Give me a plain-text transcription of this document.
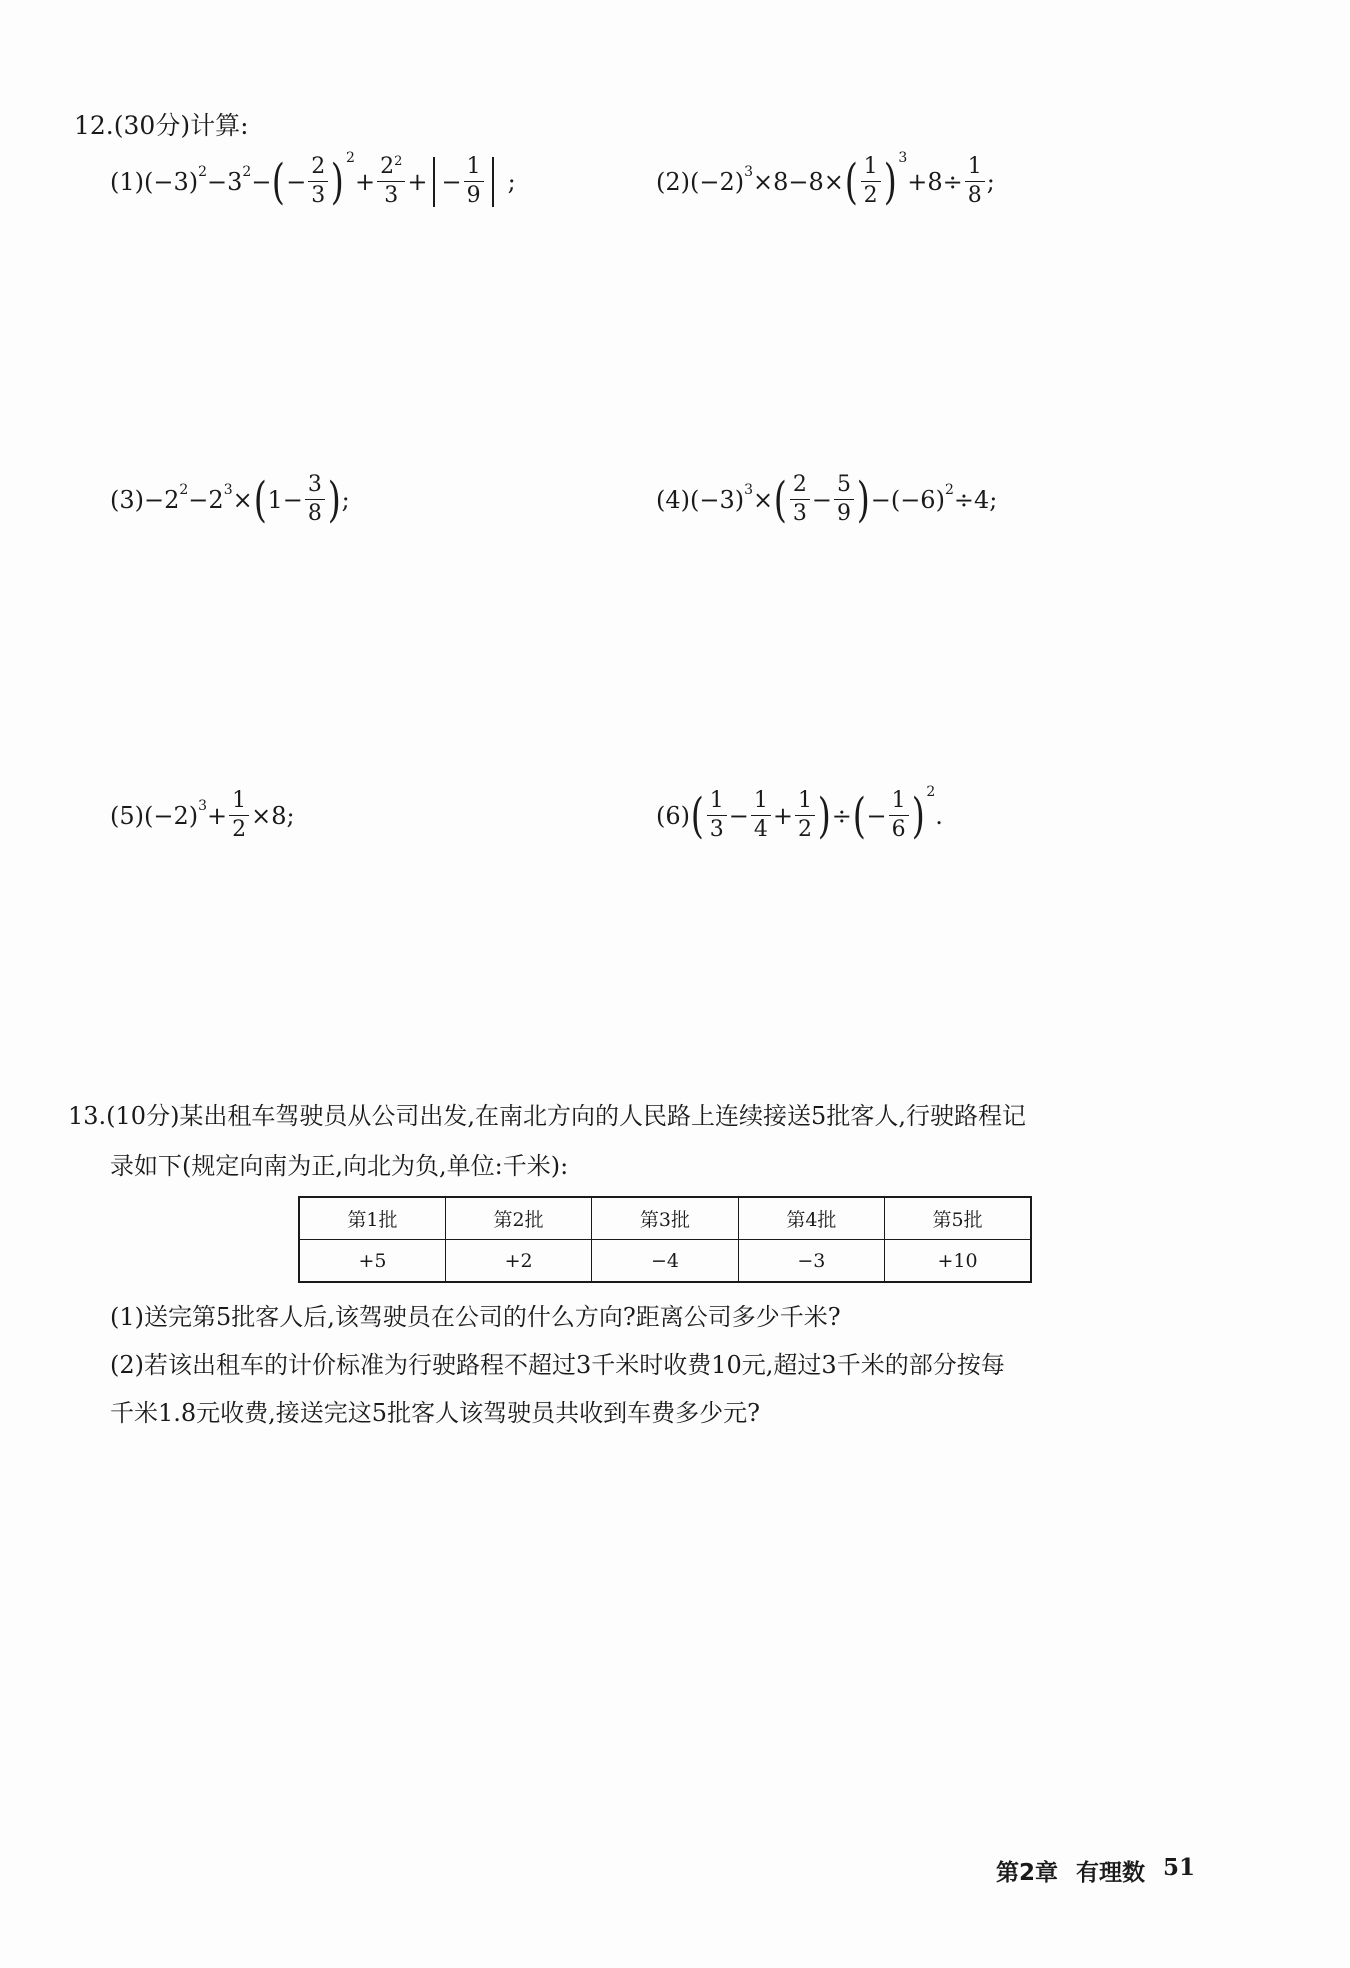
12.(30分)计算:
(1)(−3) 2 −3 2 − ( − $\frac{2}{3}$ ) 2
+ $\frac{2^2}{3}$ + − $\frac{1}{9}$ ;	(2)(−2) 3 ×8−8× ( $\frac{1}{2}$ ) 3
$+8\div \frac{1}{8}$ ;
(3)−2 2 −2 3 × ( $1- \frac{3}{8}$ ) ;	(4)(−3) 3 × ( $\frac{2}{3} - \frac{5}{9}$ ) −(−6) 2 ÷4;
(5)(−2) $3 + \frac{1}{2} \times 8$;	(6) ( $\frac{1}{3} - \frac{1}{4} + \frac{1}{2}$ ) ÷ ( − $\frac{1}{6}$ ) 2
.
13.(10分)某出租车驾驶员从公司出发,在南北方向的人民路上连续接送5批客人,行驶路程记
录如下(规定向南为正,向北为负,单位:千米):
第1批	第2批	第3批	第4批	第5批
+5	+2	−4	−3	+10
(1)送完第5批客人后,该驾驶员在公司的什么方向?距离公司多少千米?
(2)若该出租车的计价标准为行驶路程不超过3千米时收费10元,超过3千米的部分按每
千米1.8元收费,接送完这5批客人该驾驶员共收到车费多少元?
第2章 有理数 51
